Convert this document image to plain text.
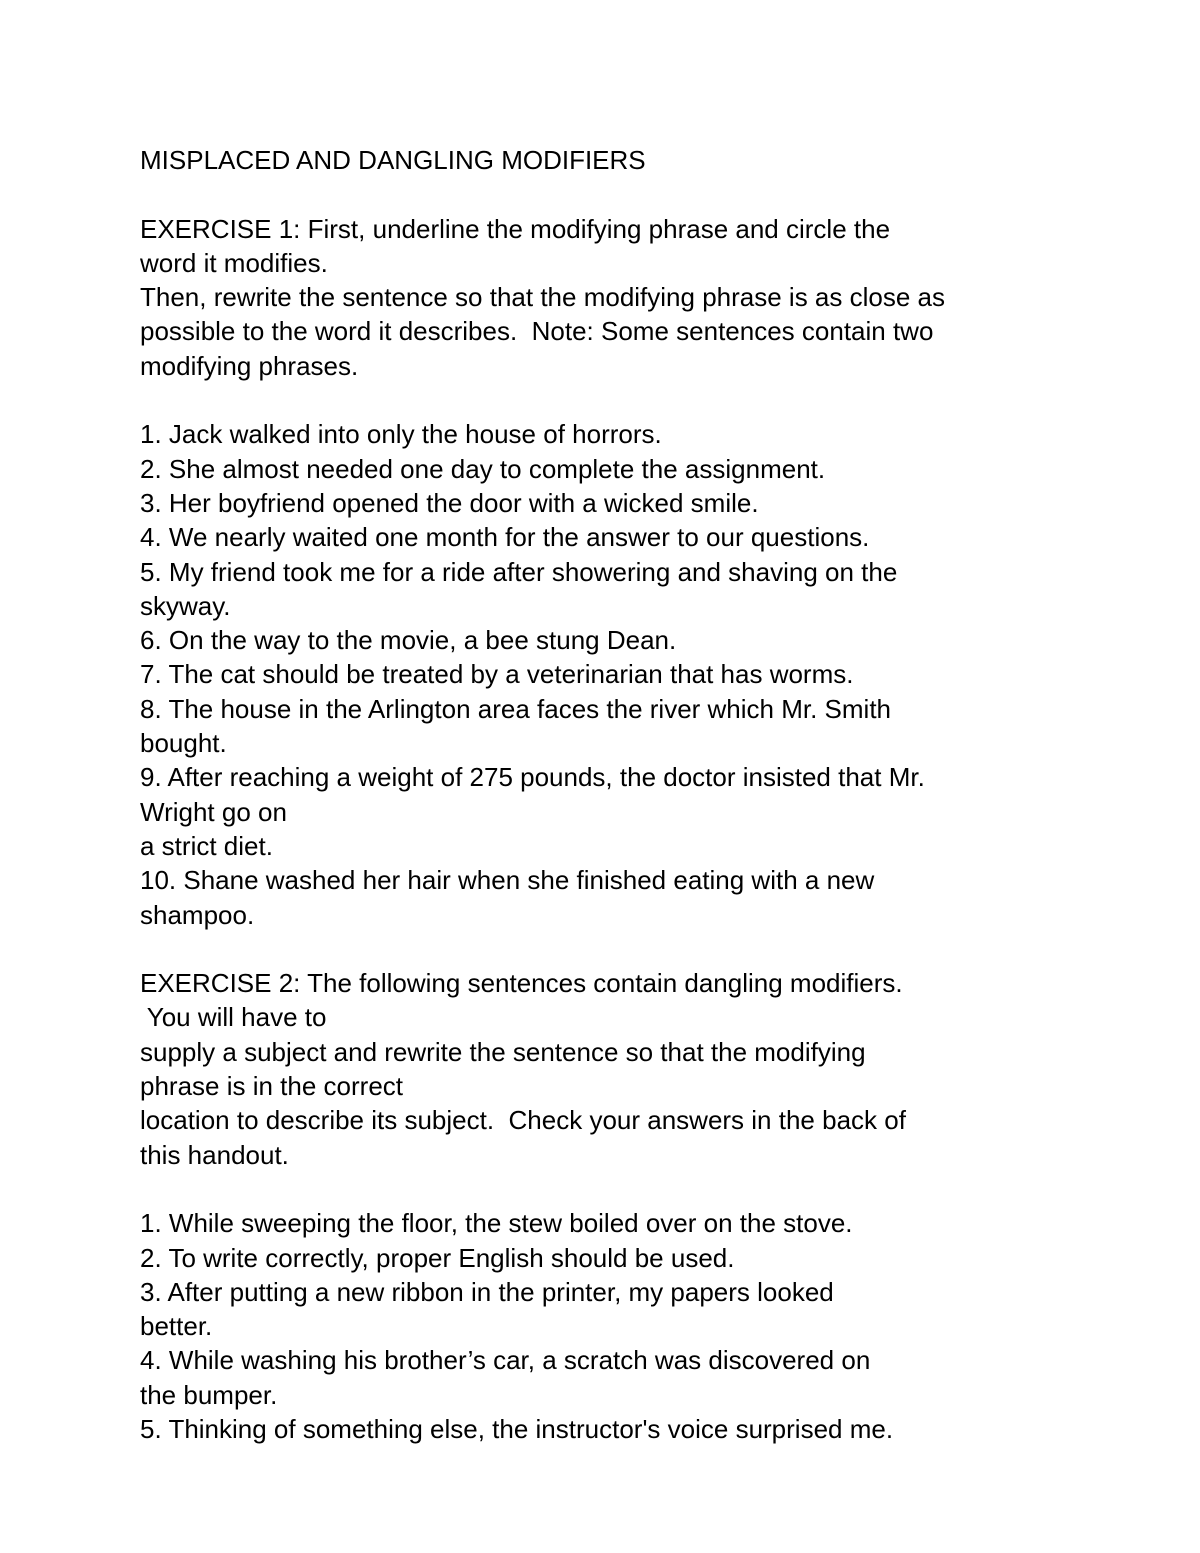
MISPLACED AND DANGLING MODIFIERS
EXERCISE 1: First, underline the modifying phrase and circle the
word it modifies.
Then, rewrite the sentence so that the modifying phrase is as close as
possible to the word it describes.  Note: Some sentences contain two
modifying phrases.
1. Jack walked into only the house of horrors.
2. She almost needed one day to complete the assignment.
3. Her boyfriend opened the door with a wicked smile.
4. We nearly waited one month for the answer to our questions.
5. My friend took me for a ride after showering and shaving on the
skyway.
6. On the way to the movie, a bee stung Dean.
7. The cat should be treated by a veterinarian that has worms.
8. The house in the Arlington area faces the river which Mr. Smith
bought.
9. After reaching a weight of 275 pounds, the doctor insisted that Mr.
Wright go on
a strict diet.
10. Shane washed her hair when she finished eating with a new
shampoo.
EXERCISE 2: The following sentences contain dangling modifiers.
You will have to
supply a subject and rewrite the sentence so that the modifying
phrase is in the correct
location to describe its subject.  Check your answers in the back of
this handout.
1. While sweeping the floor, the stew boiled over on the stove.
2. To write correctly, proper English should be used.
3. After putting a new ribbon in the printer, my papers looked
better.
4. While washing his brother’s car, a scratch was discovered on
the bumper.
5. Thinking of something else, the instructor's voice surprised me.
